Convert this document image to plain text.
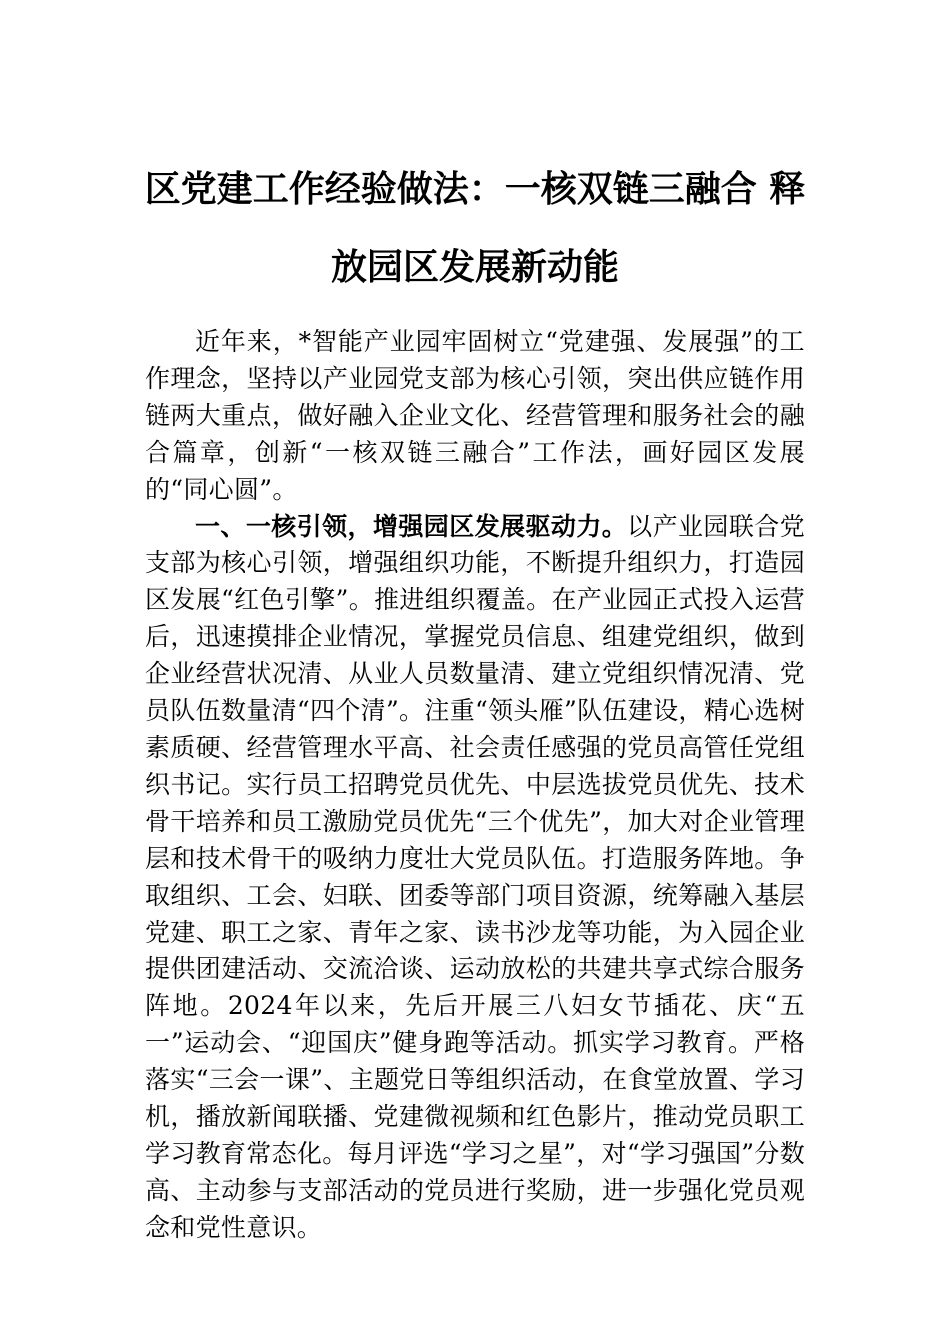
区党建工作经验做法：一核双链三融合 释
放园区发展新动能

近年来，*智能产业园牢固树立“党建强、发展强”的工作理念，坚持以产业园党支部为核心引领，突出供应链作用链两大重点，做好融入企业文化、经营管理和服务社会的融合篇章，创新“一核双链三融合”工作法，画好园区发展的“同心圆”。

一、一核引领，增强园区发展驱动力。以产业园联合党支部为核心引领，增强组织功能，不断提升组织力，打造园区发展“红色引擎”。推进组织覆盖。在产业园正式投入运营后，迅速摸排企业情况，掌握党员信息、组建党组织，做到企业经营状况清、从业人员数量清、建立党组织情况清、党员队伍数量清“四个清”。注重“领头雁”队伍建设，精心选树素质硬、经营管理水平高、社会责任感强的党员高管任党组织书记。实行员工招聘党员优先、中层选拔党员优先、技术骨干培养和员工激励党员优先“三个优先”，加大对企业管理层和技术骨干的吸纳力度壮大党员队伍。打造服务阵地。争取组织、工会、妇联、团委等部门项目资源，统筹融入基层党建、职工之家、青年之家、读书沙龙等功能，为入园企业提供团建活动、交流洽谈、运动放松的共建共享式综合服务阵地。2024年以来，先后开展三八妇女节插花、庆“五一”运动会、“迎国庆”健身跑等活动。抓实学习教育。严格落实“三会一课”、主题党日等组织活动，在食堂放置、学习机，播放新闻联播、党建微视频和红色影片，推动党员职工学习教育常态化。每月评选“学习之星”，对“学习强国”分数高、主动参与支部活动的党员进行奖励，进一步强化党员观念和党性意识。
